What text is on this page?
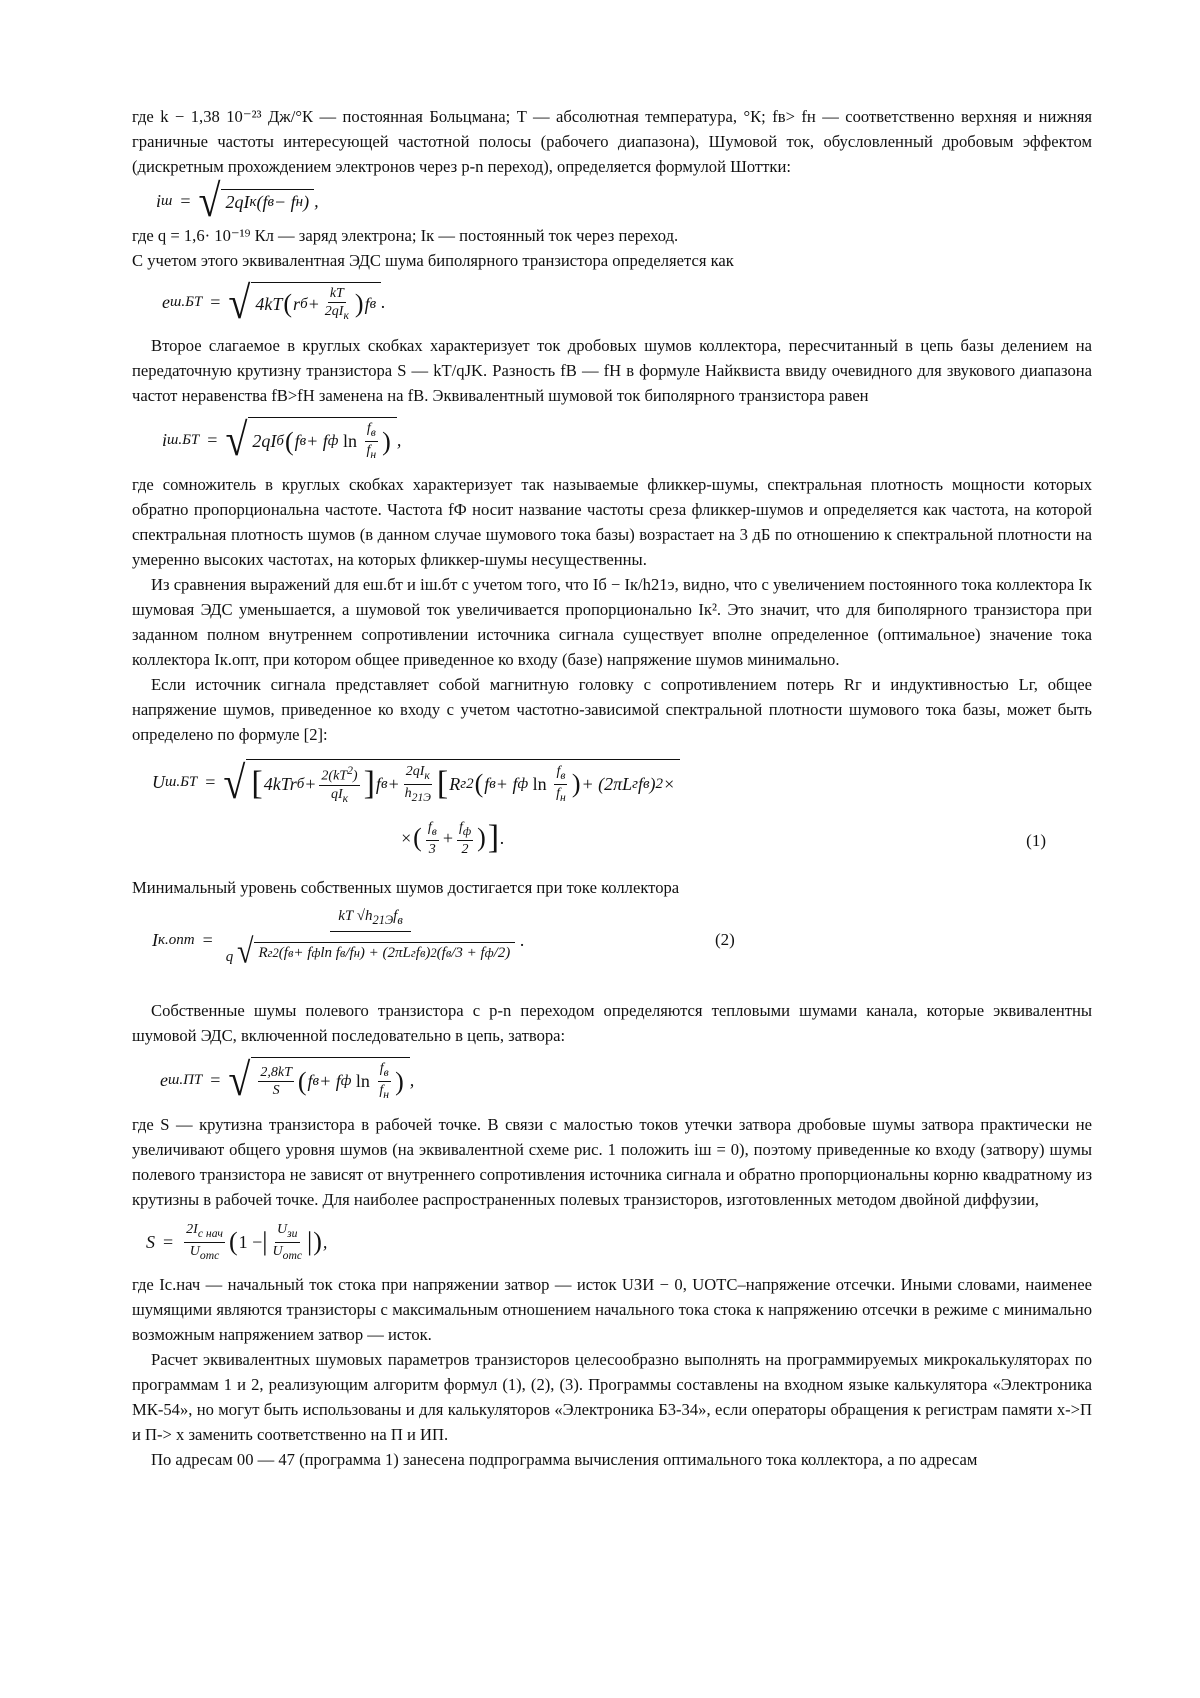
где k − 1,38 10⁻²³ Дж/°К — постоянная Больцмана; T — абсолютная температура, °К; fв> fн — соответственно верхняя и нижняя граничные частоты интересующей частотной полосы (рабочего диапазона), Шумовой ток, обусловленный дробовым эффектом (дискретным прохождением электронов через p-n переход), определяется формулой Шоттки:

i ш = √ 2qI к (f в − f н ) ,

где q = 1,6· 10⁻¹⁹ Кл — заряд электрона; Iк — постоянный ток через переход.

С учетом этого эквивалентная ЭДС шума биполярного транзистора определяется как

e ш.БТ = √ 4kT ( r $б + \frac{kT}{2qI_к}$ ) f в .

Второе слагаемое в круглых скобках характеризует ток дробовых шумов коллектора, пересчитанный в цепь базы делением на передаточную крутизну транзистора S — kT/qJK. Разность fB — fH в формуле Найквиста ввиду очевидного для звукового диапазона частот неравенства fB>fH заменена на fB. Эквивалентный шумовой ток биполярного транзистора равен

i ш.БТ = √ 2qI б ( f в + f ф $\ln \frac{f_в}{f_н}$ ) ,

где сомножитель в круглых скобках характеризует так называемые фликкер-шумы, спектральная плотность мощности которых обратно пропорциональна частоте. Частота fФ носит название частоты среза фликкер-шумов и определяется как частота, на которой спектральная плотность шумов (в данном случае шумового тока базы) возрастает на 3 дБ по отношению к спектральной плотности на умеренно высоких частотах, на которых фликкер-шумы несущественны.

Из сравнения выражений для eш.бт и iш.бт с учетом того, что Iб − Iк/h21э, видно, что с увеличением постоянного тока коллектора Iк шумовая ЭДС уменьшается, а шумовой ток увеличивается пропорционально Iк². Это значит, что для биполярного транзистора при заданном полном внутреннем сопротивлении источника сигнала существует вполне определенное (оптимальное) значение тока коллектора Iк.опт, при котором общее приведенное ко входу (базе) напряжение шумов минимально.

Если источник сигнала представляет собой магнитную головку с сопротивлением потерь Rг и индуктивностью Lг, общее напряжение шумов, приведенное ко входу с учетом частотно-зависимой спектральной плотности шумового тока базы, может быть определено по формуле [2]:

U ш.БТ = √ [ 4kTr $б + \frac{2(kT^2)}{qI_к}$ ] f $в + \frac{2qI_к}{h_{21Э}}$ [ R г 2 ( f в + f ф $\ln \frac{f_в}{f_н}$ ) + (2πL г f в ) 2 ×
× ( $\frac{f_в}{3} + \frac{f_ф}{2}$ ) ] .	(1)

Минимальный уровень собственных шумов достигается при токе коллектора

I $к.опт = \frac{kT √h_{21Э}f_в}{\text{q √ R г 2 (f в + f ф ln f в /f н ) + (2πL г f в ) 2 (f в /3 + f ф /2)}}$ .	(2)

Собственные шумы полевого транзистора с p-n переходом определяются тепловыми шумами канала, которые эквивалентны шумовой ЭДС, включенной последовательно в цепь, затвора:

e ш.ПТ = √ $\frac{2,8kT}{S}$ ( f в + f ф $\ln \frac{f_в}{f_н}$ ) ,

где S — крутизна транзистора в рабочей точке. В связи с малостью токов утечки затвора дробовые шумы затвора практически не увеличивают общего уровня шумов (на эквивалентной схеме рис. 1 положить iш = 0), поэтому приведенные ко входу (затвору) шумы полевого транзистора не зависят от внутреннего сопротивления источника сигнала и обратно пропорциональны корню квадратному из крутизны в рабочей точке. Для наиболее распространенных полевых транзисторов, изготовленных методом двойной диффузии,

$S = \frac{2I_{с нач}}{U_{отс}}$ ( 1 − | $\frac{U_{зи}}{U_{отс}}$ | ) ,

где Iс.нач — начальный ток стока при напряжении затвор — исток UЗИ − 0, UОТС–напряжение отсечки. Иными словами, наименее шумящими являются транзисторы с максимальным отношением начального тока стока к напряжению отсечки в режиме с минимально возможным напряжением затвор — исток.

Расчет эквивалентных шумовых параметров транзисторов целесообразно выполнять на программируемых микрокалькуляторах по программам 1 и 2, реализующим алгоритм формул (1), (2), (3). Программы составлены на входном языке калькулятора «Электроника МК-54», но могут быть использованы и для калькуляторов «Электроника Б3-34», если операторы обращения к регистрам памяти х->П и П-> х заменить соответственно на П и ИП.

По адресам 00 — 47 (программа 1) занесена подпрограмма вычисления оптимального тока коллектора, а по адресам
